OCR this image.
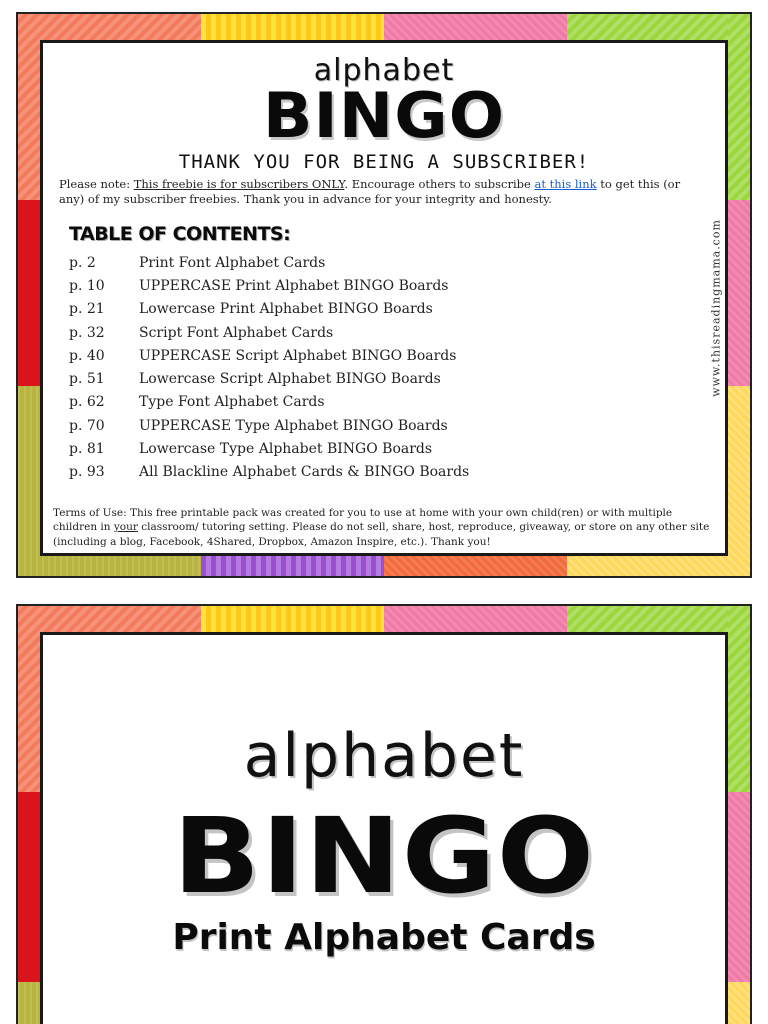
alphabet
BINGO
THANK YOU FOR BEING A SUBSCRIBER!
Please note: This freebie is for subscribers ONLY. Encourage others to subscribe at this link to get this (or any) of my subscriber freebies. Thank you in advance for your integrity and honesty.
TABLE OF CONTENTS:
p. 2	Print Font Alphabet Cards
p. 10	UPPERCASE Print Alphabet BINGO Boards
p. 21	Lowercase Print Alphabet BINGO Boards
p. 32	Script Font Alphabet Cards
p. 40	UPPERCASE Script Alphabet BINGO Boards
p. 51	Lowercase Script Alphabet BINGO Boards
p. 62	Type Font Alphabet Cards
p. 70	UPPERCASE Type Alphabet BINGO Boards
p. 81	Lowercase Type Alphabet BINGO Boards
p. 93	All Blackline Alphabet Cards & BINGO Boards
www.thisreadingmama.com
Terms of Use: This free printable pack was created for you to use at home with your own child(ren) or with multiple children in your classroom/ tutoring setting. Please do not sell, share, host, reproduce, giveaway, or store on any other site (including a blog, Facebook, 4Shared, Dropbox, Amazon Inspire, etc.). Thank you!
alphabet
BINGO
Print Alphabet Cards
